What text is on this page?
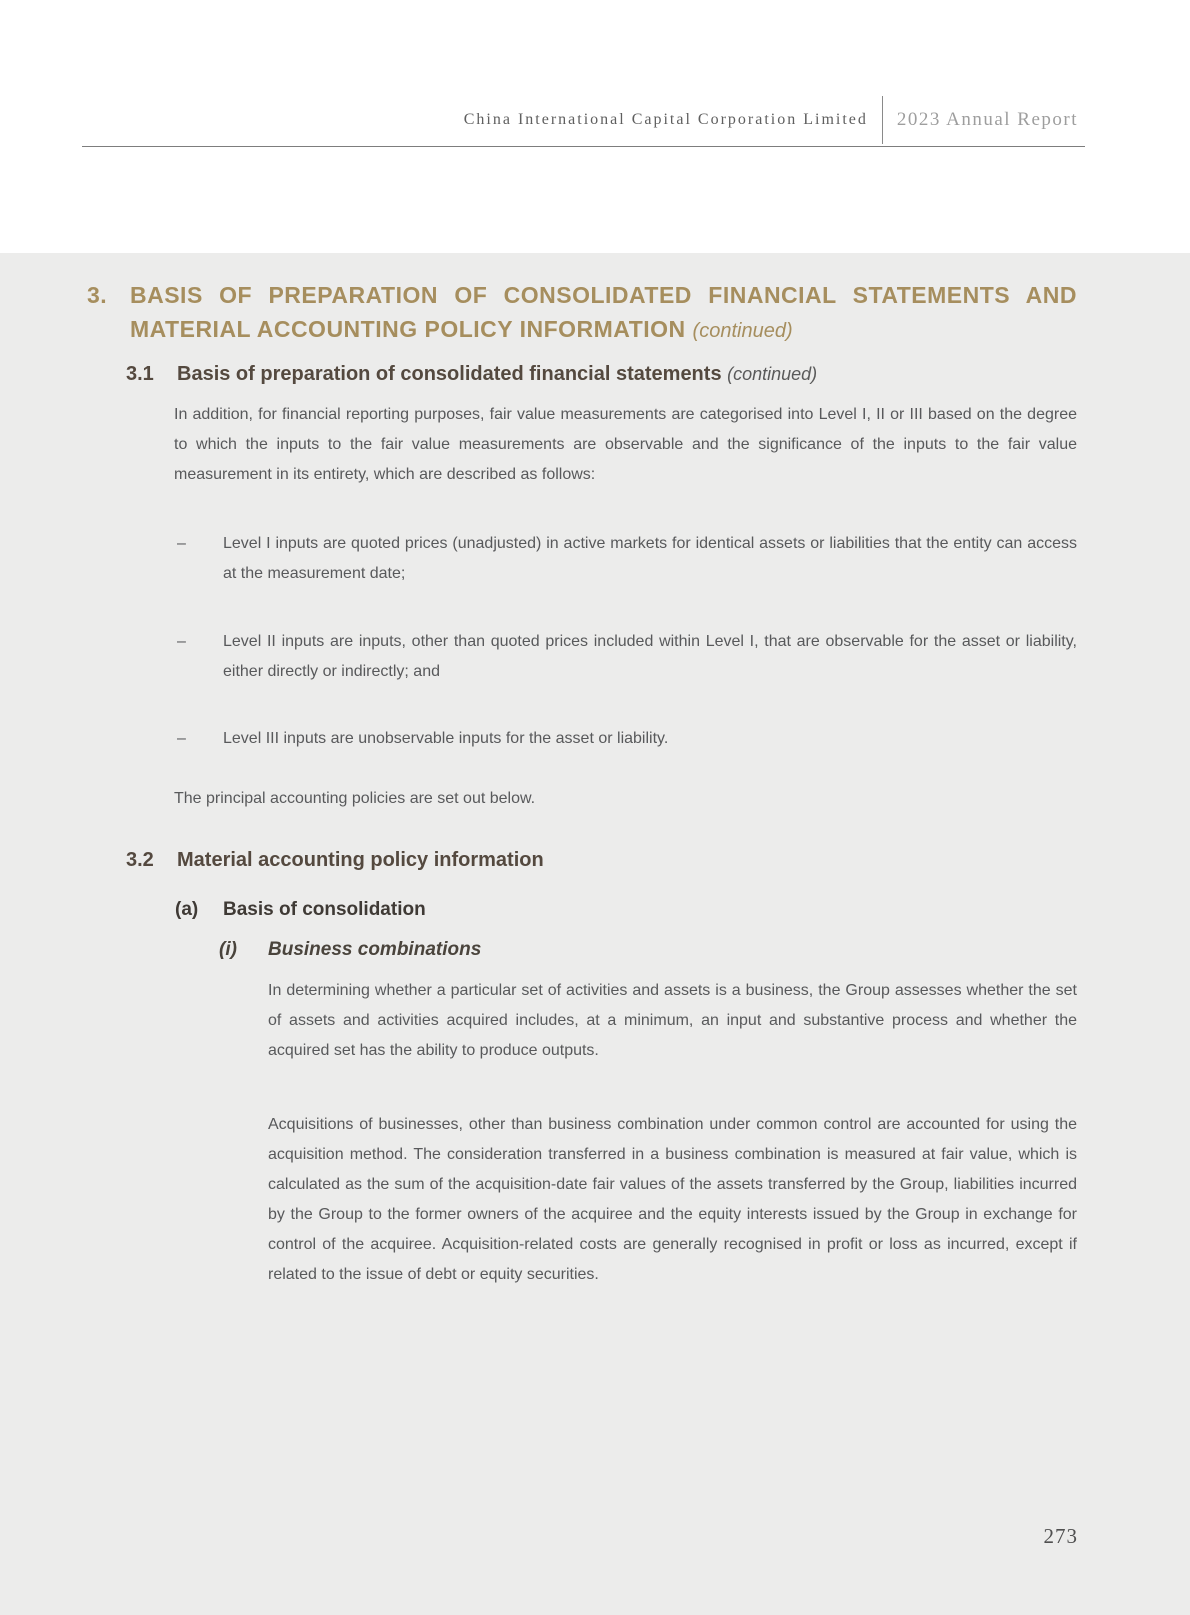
China International Capital Corporation Limited	2023 Annual Report
3. BASIS OF PREPARATION OF CONSOLIDATED FINANCIAL STATEMENTS AND
MATERIAL ACCOUNTING POLICY INFORMATION (continued)
3.1	Basis of preparation of consolidated financial statements (continued)

In addition, for financial reporting purposes, fair value measurements are categorised into Level I, II or III based on the degree to which the inputs to the fair value measurements are observable and the significance of the inputs to the fair value measurement in its entirety, which are described as follows:

–	Level I inputs are quoted prices (unadjusted) in active markets for identical assets or liabilities that the entity can access at the measurement date;
–	Level II inputs are inputs, other than quoted prices included within Level I, that are observable for the asset or liability, either directly or indirectly; and
–	Level III inputs are unobservable inputs for the asset or liability.

The principal accounting policies are set out below.

3.2	Material accounting policy information
(a)	Basis of consolidation
(i)	Business combinations

In determining whether a particular set of activities and assets is a business, the Group assesses whether the set of assets and activities acquired includes, at a minimum, an input and substantive process and whether the acquired set has the ability to produce outputs.

Acquisitions of businesses, other than business combination under common control are accounted for using the acquisition method. The consideration transferred in a business combination is measured at fair value, which is calculated as the sum of the acquisition-date fair values of the assets transferred by the Group, liabilities incurred by the Group to the former owners of the acquiree and the equity interests issued by the Group in exchange for control of the acquiree. Acquisition-related costs are generally recognised in profit or loss as incurred, except if related to the issue of debt or equity securities.

273
